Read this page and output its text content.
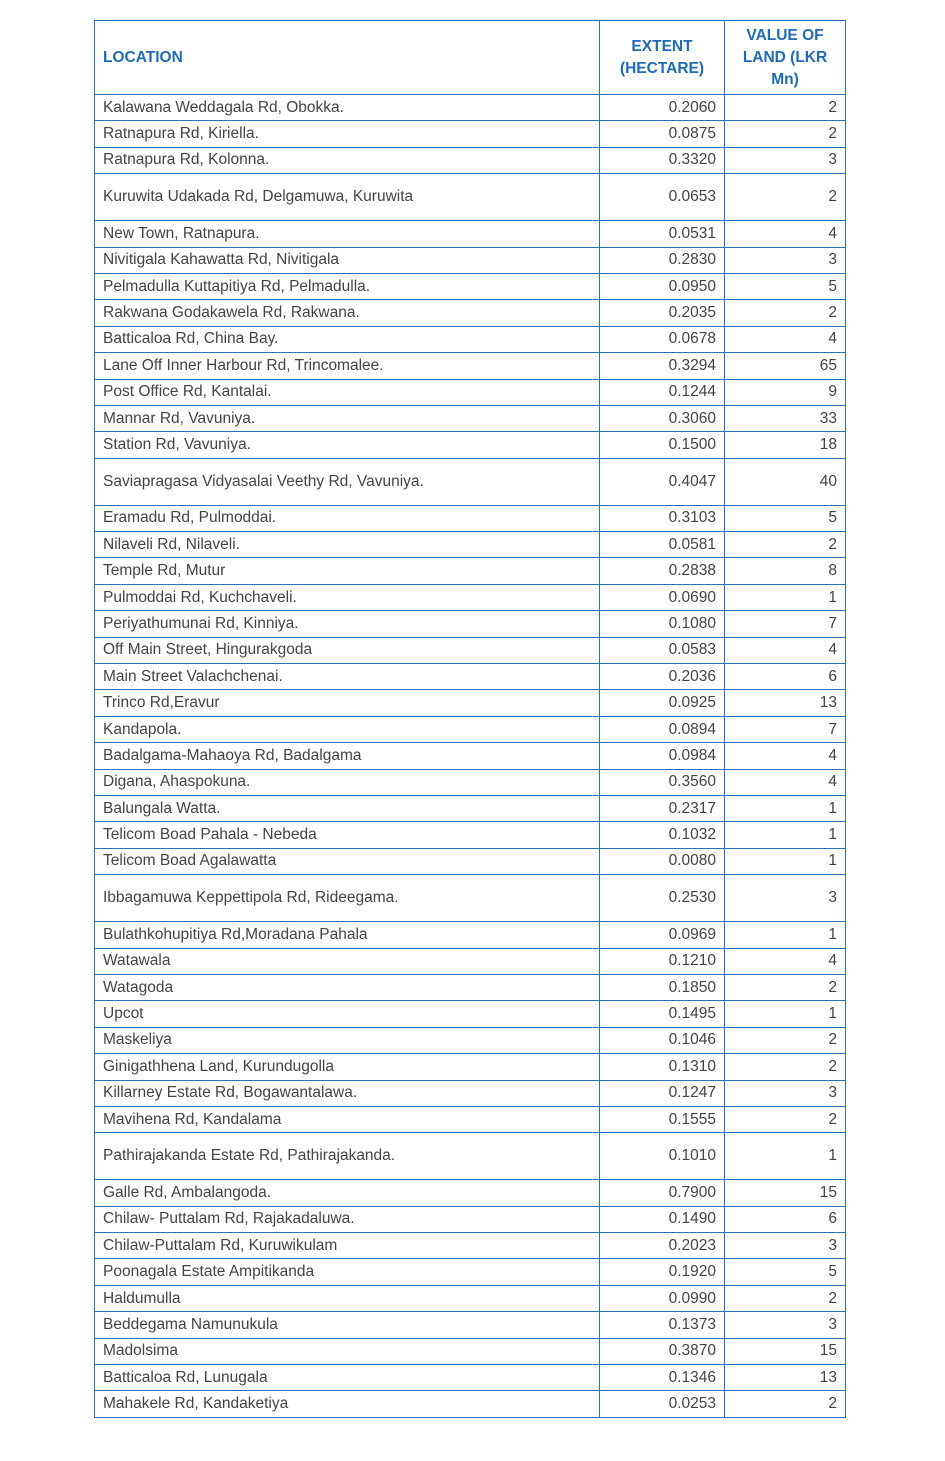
LOCATION	EXTENT (HECTARE)	VALUE OF LAND (LKR Mn)
Kalawana Weddagala Rd, Obokka.	0.2060	2
Ratnapura Rd, Kiriella.	0.0875	2
Ratnapura Rd, Kolonna.	0.3320	3
Kuruwita Udakada Rd, Delgamuwa, Kuruwita	0.0653	2
New Town, Ratnapura.	0.0531	4
Nivitigala Kahawatta Rd, Nivitigala	0.2830	3
Pelmadulla Kuttapitiya Rd, Pelmadulla.	0.0950	5
Rakwana Godakawela Rd, Rakwana.	0.2035	2
Batticaloa Rd, China Bay.	0.0678	4
Lane Off Inner Harbour Rd, Trincomalee.	0.3294	65
Post Office Rd, Kantalai.	0.1244	9
Mannar Rd, Vavuniya.	0.3060	33
Station Rd, Vavuniya.	0.1500	18
Saviapragasa Vidyasalai Veethy Rd, Vavuniya.	0.4047	40
Eramadu Rd, Pulmoddai.	0.3103	5
Nilaveli Rd, Nilaveli.	0.0581	2
Temple Rd, Mutur	0.2838	8
Pulmoddai Rd, Kuchchaveli.	0.0690	1
Periyathumunai Rd, Kinniya.	0.1080	7
Off Main Street, Hingurakgoda	0.0583	4
Main Street Valachchenai.	0.2036	6
Trinco Rd,Eravur	0.0925	13
Kandapola.	0.0894	7
Badalgama-Mahaoya Rd, Badalgama	0.0984	4
Digana, Ahaspokuna.	0.3560	4
Balungala Watta.	0.2317	1
Telicom Boad Pahala - Nebeda	0.1032	1
Telicom Boad Agalawatta	0.0080	1
Ibbagamuwa Keppettipola Rd, Rideegama.	0.2530	3
Bulathkohupitiya Rd,Moradana Pahala	0.0969	1
Watawala	0.1210	4
Watagoda	0.1850	2
Upcot	0.1495	1
Maskeliya	0.1046	2
Ginigathhena Land, Kurundugolla	0.1310	2
Killarney Estate Rd, Bogawantalawa.	0.1247	3
Mavihena Rd, Kandalama	0.1555	2
Pathirajakanda Estate Rd, Pathirajakanda.	0.1010	1
Galle Rd, Ambalangoda.	0.7900	15
Chilaw- Puttalam Rd, Rajakadaluwa.	0.1490	6
Chilaw-Puttalam Rd, Kuruwikulam	0.2023	3
Poonagala Estate Ampitikanda	0.1920	5
Haldumulla	0.0990	2
Beddegama Namunukula	0.1373	3
Madolsima	0.3870	15
Batticaloa Rd, Lunugala	0.1346	13
Mahakele Rd, Kandaketiya	0.0253	2
